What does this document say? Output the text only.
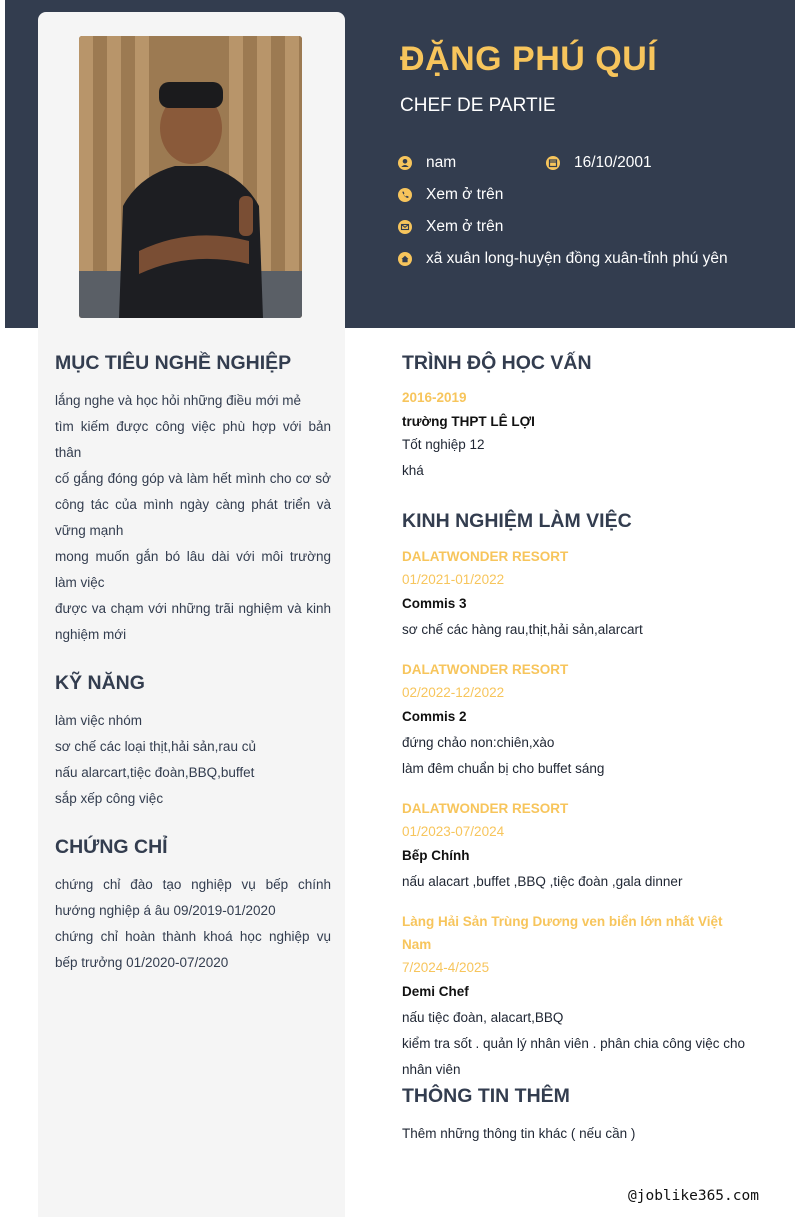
ĐẶNG PHÚ QUÍ
CHEF DE PARTIE
nam	16/10/2001
Xem ở trên
Xem ở trên
xã xuân long-huyện đồng xuân-tỉnh phú yên
MỤC TIÊU NGHỀ NGHIỆP

lắng nghe và học hỏi những điều mới mẻ

tìm kiếm được công việc phù hợp với bản thân

cố gắng đóng góp và làm hết mình cho cơ sở công tác của mình ngày càng phát triển và vững mạnh

mong muốn gắn bó lâu dài với môi trường làm việc

được va chạm với những trãi nghiệm và kinh nghiệm mới

KỸ NĂNG

làm việc nhóm

sơ chế các loại thịt,hải sản,rau củ

nấu alarcart,tiệc đoàn,BBQ,buffet

sắp xếp công việc

CHỨNG CHỈ

chứng chỉ đào tạo nghiệp vụ bếp chính hướng nghiệp á âu 09/2019-01/2020

chứng chỉ hoàn thành khoá học nghiệp vụ bếp trưởng 01/2020-07/2020

TRÌNH ĐỘ HỌC VẤN
2016-2019
trường THPT LÊ LỢI
Tốt nghiệp 12
khá
KINH NGHIỆM LÀM VIỆC
DALATWONDER RESORT
01/2021-01/2022
Commis 3
sơ chế các hàng rau,thịt,hải sản,alarcart
DALATWONDER RESORT
02/2022-12/2022
Commis 2
đứng chảo non:chiên,xào
làm đêm chuẩn bị cho buffet sáng
DALATWONDER RESORT
01/2023-07/2024
Bếp Chính
nấu alacart ,buffet ,BBQ ,tiệc đoàn ,gala dinner
Làng Hải Sản Trùng Dương ven biển lớn nhất Việt Nam
7/2024-4/2025
Demi Chef
nấu tiệc đoàn, alacart,BBQ
kiểm tra sốt . quản lý nhân viên . phân chia công việc cho nhân viên
THÔNG TIN THÊM
Thêm những thông tin khác ( nếu cần )
@joblike365.com
